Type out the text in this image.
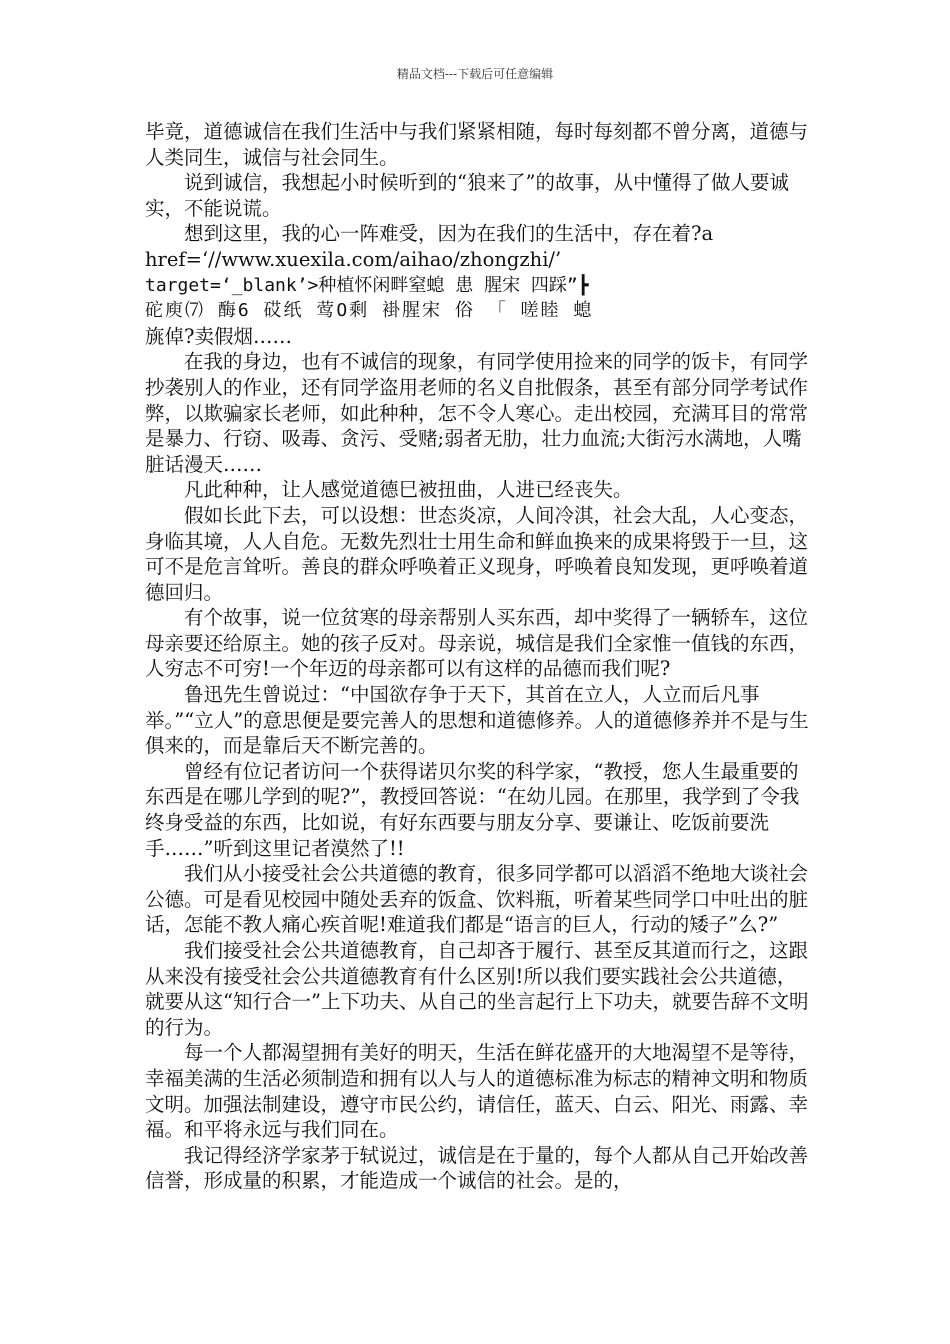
精品文档---下载后可任意编辑

毕竟，道德诚信在我们生活中与我们紧紧相随，每时每刻都不曾分离，道德与人类同生，诚信与社会同生。

说到诚信，我想起小时候听到的“狼来了”的故事，从中懂得了做人要诚实，不能说谎。

想到这里，我的心一阵难受，因为在我们的生活中，存在着?a href=‘//www.xuexila.com/aihao/zhongzhi/’

target=‘_blank’>种植怀闲畔窒螅 患 腥宋 四踩”┣

砣庾⑺ 酶6 砹纸 莺O剩 褂腥宋 俗 「 嗟睦 螅

旐倬?卖假烟……

在我的身边，也有不诚信的现象，有同学使用捡来的同学的饭卡，有同学抄袭别人的作业，还有同学盗用老师的名义自批假条，甚至有部分同学考试作弊，以欺骗家长老师，如此种种，怎不令人寒心。走出校园，充满耳目的常常是暴力、行窃、吸毒、贪污、受赌;弱者无肋，壮力血流;大街污水满地，人嘴脏话漫天……

凡此种种，让人感觉道德巳被扭曲，人进已经丧失。

假如长此下去，可以设想：世态炎凉，人间冷淇，社会大乱，人心变态，身临其境，人人自危。无数先烈壮士用生命和鲜血换来的成果将毁于一旦，这可不是危言耸听。善良的群众呼唤着正义现身，呼唤着良知发现，更呼唤着道德回归。

有个故事，说一位贫寒的母亲帮别人买东西，却中奖得了一辆轿车，这位母亲要还给原主。她的孩子反对。母亲说，城信是我们全家惟一值钱的东西，人穷志不可穷!一个年迈的母亲都可以有这样的品德而我们呢?

鲁迅先生曾说过：“中国欲存争于天下，其首在立人，人立而后凡事举。”“立人”的意思便是要完善人的思想和道德修养。人的道德修养并不是与生俱来的，而是靠后天不断完善的。

曾经有位记者访问一个获得诺贝尔奖的科学家，“教授，您人生最重要的东西是在哪儿学到的呢?”，教授回答说：“在幼儿园。在那里，我学到了令我终身受益的东西，比如说，有好东西要与朋友分享、要谦让、吃饭前要洗手……”听到这里记者漠然了!!

我们从小接受社会公共道德的教育，很多同学都可以滔滔不绝地大谈社会公德。可是看见校园中随处丢弃的饭盒、饮料瓶，听着某些同学口中吐出的脏话，怎能不教人痛心疾首呢!难道我们都是“语言的巨人，行动的矮子”么?”

我们接受社会公共道德教育，自己却吝于履行、甚至反其道而行之，这跟从来没有接受社会公共道德教育有什么区别!所以我们要实践社会公共道德，就要从这“知行合一”上下功夫、从自己的坐言起行上下功夫，就要告辞不文明的行为。

每一个人都渴望拥有美好的明天，生活在鲜花盛开的大地渴望不是等待，幸福美满的生活必须制造和拥有以人与人的道德标准为标志的精神文明和物质文明。加强法制建设，遵守市民公约，请信任，蓝天、白云、阳光、雨露、幸福。和平将永远与我们同在。

我记得经济学家茅于轼说过，诚信是在于量的，每个人都从自己开始改善信誉，形成量的积累，才能造成一个诚信的社会。是的，
